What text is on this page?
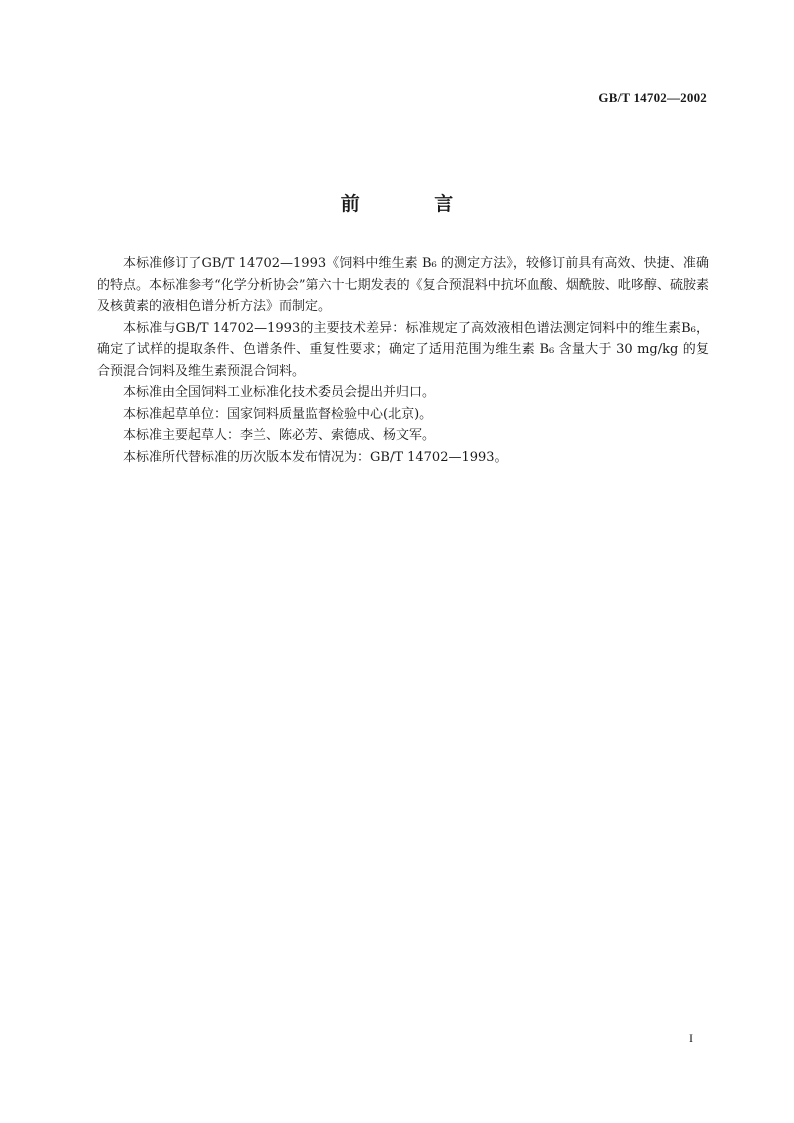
GB/T 14702—2002
前 言

本标准修订了GB/T 14702—1993《饲料中维生素 B₆ 的测定方法》，较修订前具有高效、快捷、准确的特点。本标准参考“化学分析协会”第六十七期发表的《复合预混料中抗坏血酸、烟酰胺、吡哆醇、硫胺素及核黄素的液相色谱分析方法》而制定。

本标准与GB/T 14702—1993的主要技术差异：标准规定了高效液相色谱法测定饲料中的维生素B₆，确定了试样的提取条件、色谱条件、重复性要求；确定了适用范围为维生素 B₆ 含量大于 30 mg/kg 的复合预混合饲料及维生素预混合饲料。

本标准由全国饲料工业标准化技术委员会提出并归口。

本标准起草单位：国家饲料质量监督检验中心(北京)。

本标准主要起草人：李兰、陈必芳、索德成、杨文军。

本标准所代替标准的历次版本发布情况为：GB/T 14702—1993。

I
